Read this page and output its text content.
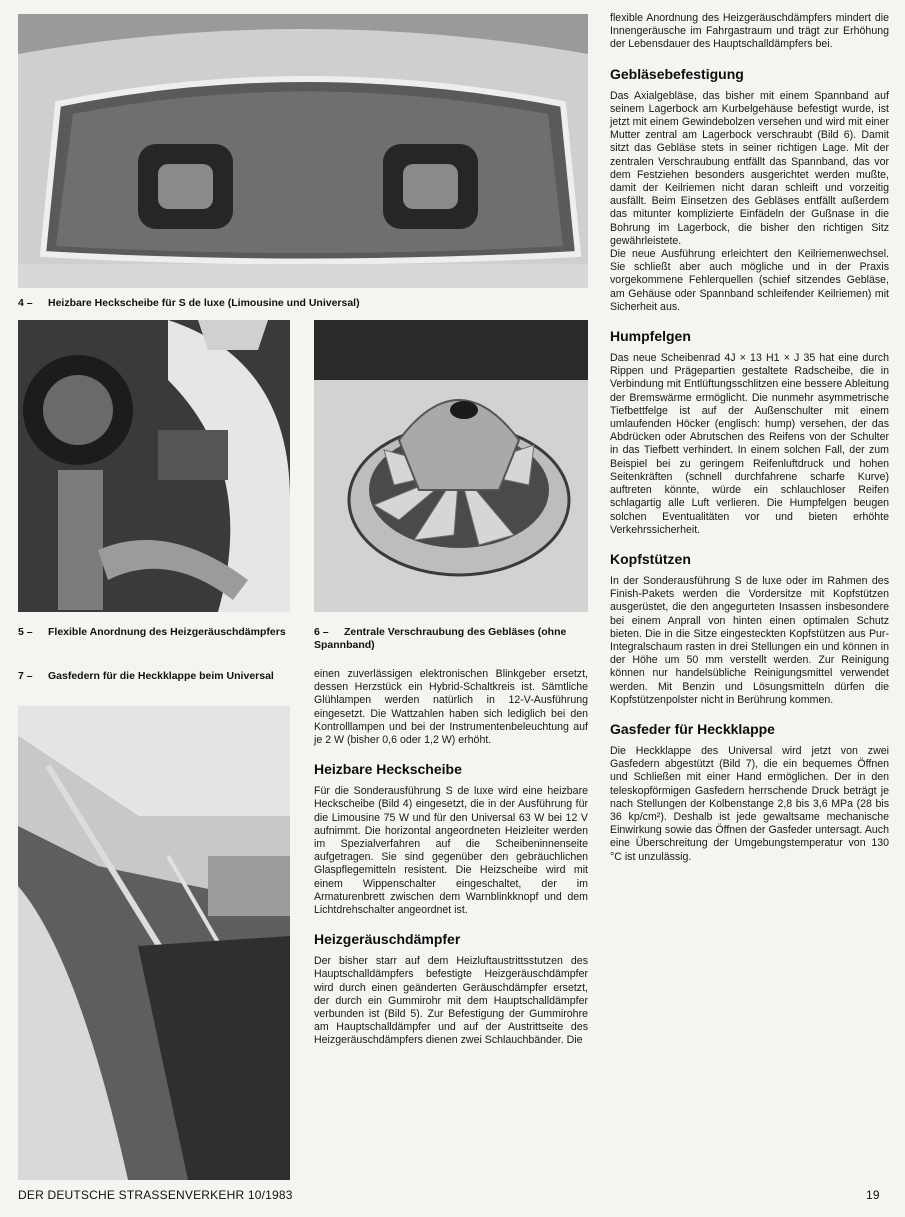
4 – Heizbare Heckscheibe für S de luxe (Limousine und Universal)
5 – Flexible Anordnung des Heizgeräuschdämpfers	6 – Zentrale Verschraubung des Gebläses (ohne Spannband)
7 – Gasfedern für die Heckklappe beim Universal	einen zuverlässigen elektronischen Blinkgeber ersetzt, dessen Herzstück ein Hybrid-Schaltkreis ist. Sämtliche Glühlampen werden natürlich in 12-V-Ausführung eingesetzt. Die Wattzahlen haben sich lediglich bei den Kontrolllampen und bei der Instrumentenbeleuchtung auf je 2 W (bisher 0,6 oder 1,2 W) erhöht.

Heizbare Heckscheibe

Für die Sonderausführung S de luxe wird eine heizbare Heckscheibe (Bild 4) eingesetzt, die in der Ausführung für die Limousine 75 W und für den Universal 63 W bei 12 V aufnimmt. Die horizontal angeordneten Heizleiter werden im Spezialverfahren auf die Scheibeninnenseite aufgetragen. Sie sind gegenüber den gebräuchlichen Glaspflegemitteln resistent. Die Heizscheibe wird mit einem Wippenschalter eingeschaltet, der im Armaturenbrett zwischen dem Warnblinkknopf und dem Lichtdrehschalter angeordnet ist.

Heizgeräuschdämpfer

Der bisher starr auf dem Heizluftaustrittsstutzen des Hauptschalldämpfers befestigte Heizgeräuschdämpfer wird durch einen geänderten Geräuschdämpfer ersetzt, der durch ein Gummirohr mit dem Hauptschalldämpfer verbunden ist (Bild 5). Zur Befestigung der Gummirohre am Hauptschalldämpfer und auf der Austrittseite des Heizgeräuschdämpfers dienen zwei Schlauchbänder. Die

flexible Anordnung des Heizgeräuschdämpfers mindert die Innengeräusche im Fahrgastraum und trägt zur Erhöhung der Lebensdauer des Hauptschalldämpfers bei.

Gebläsebefestigung

Das Axialgebläse, das bisher mit einem Spannband auf seinem Lagerbock am Kurbelgehäuse befestigt wurde, ist jetzt mit einem Gewindebolzen versehen und wird mit einer Mutter zentral am Lagerbock verschraubt (Bild 6). Damit sitzt das Gebläse stets in seiner richtigen Lage. Mit der zentralen Verschraubung entfällt das Spannband, das vor dem Festziehen besonders ausgerichtet werden mußte, damit der Keilriemen nicht daran schleift und vorzeitig ausfällt. Beim Einsetzen des Gebläses entfällt außerdem das mitunter komplizierte Einfädeln der Gußnase in die Bohrung im Lagerbock, die bisher den richtigen Sitz gewährleistete.

Die neue Ausführung erleichtert den Keilriemenwechsel. Sie schließt aber auch mögliche und in der Praxis vorgekommene Fehlerquellen (schief sitzendes Gebläse, am Gehäuse oder Spannband schleifender Keilriemen) mit Sicherheit aus.

Humpfelgen

Das neue Scheibenrad 4J × 13 H1 × J 35 hat eine durch Rippen und Prägepartien gestaltete Radscheibe, die in Verbindung mit Entlüftungsschlitzen eine bessere Ableitung der Bremswärme ermöglicht. Die nunmehr asymmetrische Tiefbettfelge ist auf der Außenschulter mit einem umlaufenden Höcker (englisch: hump) versehen, der das Abdrücken oder Abrutschen des Reifens von der Schulter in das Tiefbett verhindert. In einem solchen Fall, der zum Beispiel bei zu geringem Reifenluftdruck und hohen Seitenkräften (schnell durchfahrene scharfe Kurve) auftreten könnte, würde ein schlauchloser Reifen schlagartig alle Luft verlieren. Die Humpfelgen beugen solchen Eventualitäten vor und bieten erhöhte Verkehrssicherheit.

Kopfstützen

In der Sonderausführung S de luxe oder im Rahmen des Finish-Pakets werden die Vordersitze mit Kopfstützen ausgerüstet, die den angegurteten Insassen insbesondere bei einem Anprall von hinten einen optimalen Schutz bieten. Die in die Sitze eingesteckten Kopfstützen aus Pur-Integralschaum rasten in drei Stellungen ein und können in der Höhe um 50 mm verstellt werden. Zur Reinigung können nur handelsübliche Reinigungsmittel verwendet werden. Mit Benzin und Lösungsmitteln dürfen die Kopfstützenpolster nicht in Berührung kommen.

Gasfeder für Heckklappe

Die Heckklappe des Universal wird jetzt von zwei Gasfedern abgestützt (Bild 7), die ein bequemes Öffnen und Schließen mit einer Hand ermöglichen. Der in den teleskopförmigen Gasfedern herrschende Druck beträgt je nach Stellungen der Kolbenstange 2,8 bis 3,6 MPa (28 bis 36 kp/cm²). Deshalb ist jede gewaltsame mechanische Einwirkung sowie das Öffnen der Gasfeder untersagt. Auch eine Überschreitung der Umgebungstemperatur von 130 °C ist unzulässig.

DER DEUTSCHE STRASSENVERKEHR 10/1983	19
